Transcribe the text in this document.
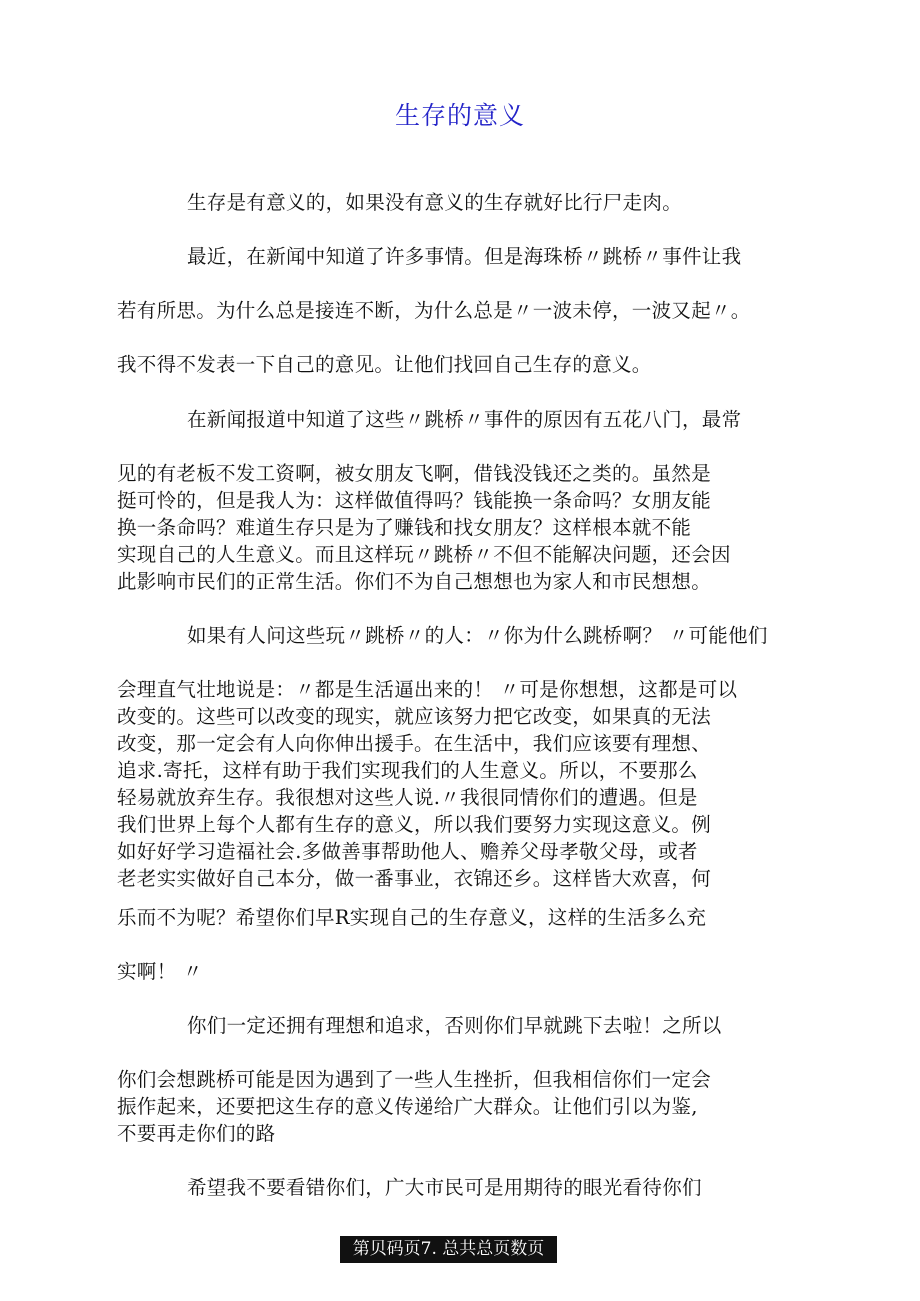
生存的意义
生存是有意义的，如果没有意义的生存就好比行尸走肉。
最近，在新闻中知道了许多事情。但是海珠桥〃跳桥〃事件让我
若有所思。为什么总是接连不断，为什么总是〃一波未停，一波又起〃。
我不得不发表一下自己的意见。让他们找回自己生存的意义。
在新闻报道中知道了这些〃跳桥〃事件的原因有五花八门，最常
见的有老板不发工资啊，被女朋友飞啊，借钱没钱还之类的。虽然是
挺可怜的，但是我人为：这样做值得吗？钱能换一条命吗？女朋友能
换一条命吗？难道生存只是为了赚钱和找女朋友？这样根本就不能
实现自己的人生意义。而且这样玩〃跳桥〃不但不能解决问题，还会因
此影响市民们的正常生活。你们不为自己想想也为家人和市民想想。
如果有人问这些玩〃跳桥〃的人：〃你为什么跳桥啊？ 〃可能他们
会理直气壮地说是：〃都是生活逼出来的！ 〃可是你想想，这都是可以
改变的。这些可以改变的现实，就应该努力把它改变，如果真的无法
改变，那一定会有人向你伸出援手。在生活中，我们应该要有理想、
追求.寄托，这样有助于我们实现我们的人生意义。所以，不要那么
轻易就放弃生存。我很想对这些人说.〃我很同情你们的遭遇。但是
我们世界上每个人都有生存的意义，所以我们要努力实现这意义。例
如好好学习造福社会.多做善事帮助他人、赡养父母孝敬父母，或者
老老实实做好自己本分，做一番事业，衣锦还乡。这样皆大欢喜，何
乐而不为呢？希望你们早R实现自己的生存意义，这样的生活多么充
实啊！ 〃
你们一定还拥有理想和追求，否则你们早就跳下去啦！之所以
你们会想跳桥可能是因为遇到了一些人生挫折，但我相信你们一定会
振作起来，还要把这生存的意义传递给广大群众。让他们引以为鉴,
不要再走你们的路
希望我不要看错你们，广大市民可是用期待的眼光看待你们
第贝码页7. 总共总页数页
